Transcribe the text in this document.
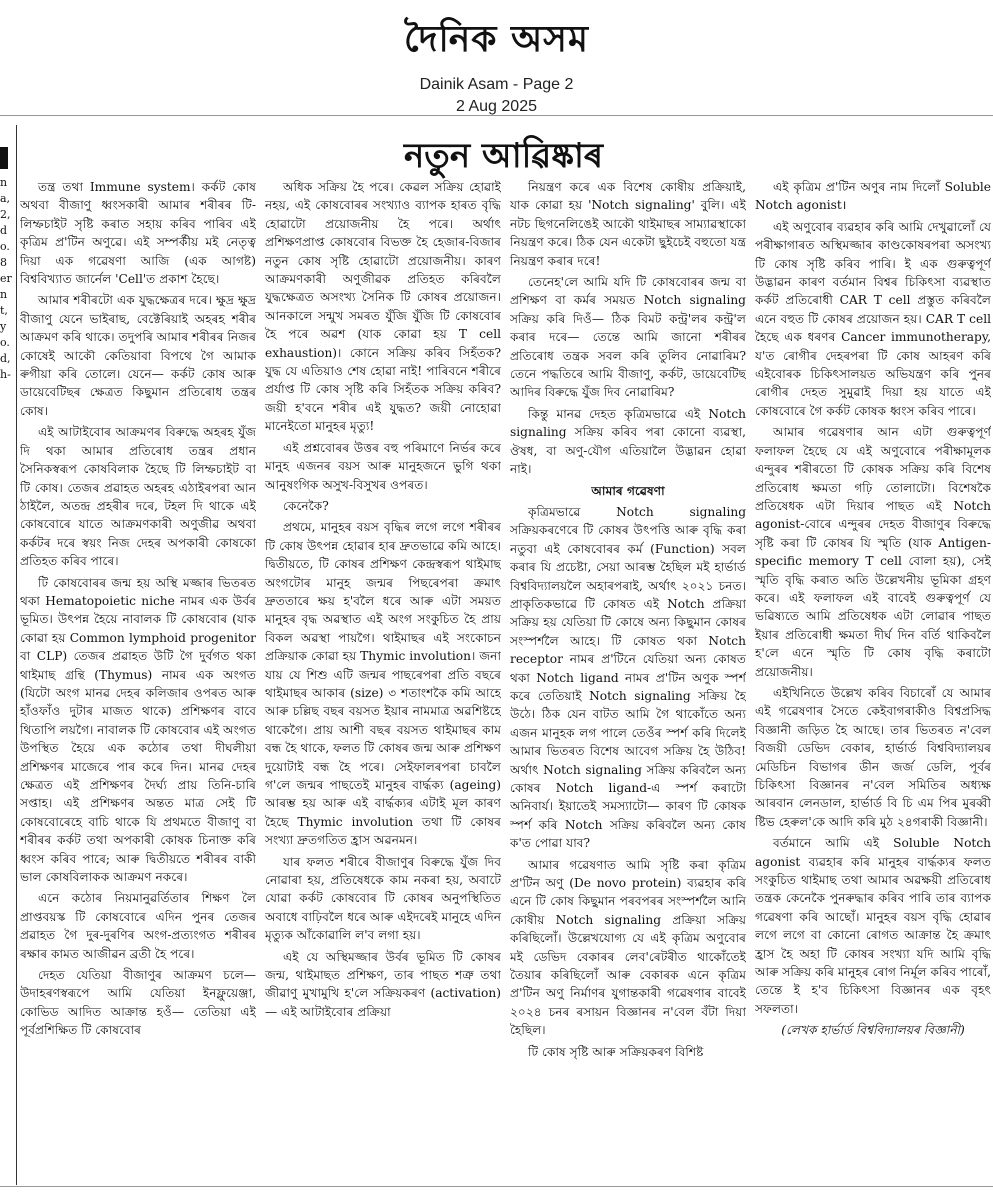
দৈনিক অসম
Dainik Asam - Page 2
2 Aug 2025
n
a,
2,
d
o.
8
er
n
t,
y
o.
d,
h-
নতুন আৱিষ্কাৰ

তন্ত্ৰ তথা Immune system। কৰ্কট কোষ অথবা বীজাণু ধ্বংসকাৰী আমাৰ শৰীৰৰ টি-লিম্ফচাইট সৃষ্টি কৰাত সহায় কৰিব পাৰিব এই কৃত্ৰিম প্ৰ'টিন অণুৱে। এই সম্পৰ্কীয় মই নেতৃত্ব দিয়া এক গৱেষণা আজি (এক আগষ্ট) বিশ্ববিখ্যাত জাৰ্নেল 'Cell'ত প্ৰকাশ হৈছে।

আমাৰ শৰীৰটো এক যুদ্ধক্ষেত্ৰৰ দৰে। ক্ষুদ্ৰ ক্ষুদ্ৰ বীজাণু যেনে ভাইৰাছ, বেক্টেৰিয়াই অহৰহ শৰীৰ আক্ৰমণ কৰি থাকে। তদুপৰি আমাৰ শৰীৰৰ নিজৰ কোষেই আকৌ কেতিয়াবা বিপথে গৈ আমাক ৰুগীয়া কৰি তোলে। যেনে— কৰ্কট কোষ আৰু ডায়েবেটিছৰ ক্ষেত্ৰত কিছুমান প্ৰতিৰোধ তন্ত্ৰৰ কোষ।

এই আটাইবোৰ আক্ৰমণৰ বিৰুদ্ধে অহৰহ যুঁজ দি থকা আমাৰ প্ৰতিৰোধ তন্ত্ৰৰ প্ৰধান সৈনিকস্বৰূপ কোষবিলাক হৈছে টি লিম্ফচাইট বা টি কোষ। তেজৰ প্ৰৱাহত অহৰহ এঠাইৰপৰা আন ঠাইলৈ, অতন্দ্ৰ প্ৰহৰীৰ দৰে, টহল দি থাকে এই কোষবোৰে যাতে আক্ৰমণকাৰী অণুজীৱ অথবা কৰ্কটৰ দৰে স্বয়ং নিজ দেহৰ অপকাৰী কোষকো প্ৰতিহত কৰিব পাৰে।

টি কোষবোৰৰ জন্ম হয় অস্থি মজ্জাৰ ভিতৰত থকা Hematopoietic niche নামৰ এক উৰ্বৰ ভূমিত। উৎপন্ন হৈয়ে নাবালক টি কোষবোৰ (যাক কোৱা হয় Common lymphoid progenitor বা CLP) তেজৰ প্ৰৱাহত উটি গৈ দুৰ্বগত থকা থাইমাছ গ্ৰন্থি (Thymus) নামৰ এক অংগত (যিটো অংগ মানৱ দেহৰ কলিজাৰ ওপৰত আৰু হাঁওফাঁও দুটাৰ মাজত থাকে) প্ৰশিক্ষণৰ বাবে থিতাপি লয়গৈ। নাবালক টি কোষবোৰ এই অংগত উপস্থিত হৈয়ে এক কঠোৰ তথা দীঘলীয়া প্ৰশিক্ষণৰ মাজেৰে পাৰ কৰে দিন। মানৱ দেহৰ ক্ষেত্ৰত এই প্ৰশিক্ষণৰ দৈৰ্ঘ্য প্ৰায় তিনি-চাৰি সপ্তাহ। এই প্ৰশিক্ষণৰ অন্তত মাত্ৰ সেই টি কোষবোৰেহে বাচি থাকে যি প্ৰথমতে বীজাণু বা শৰীৰৰ কৰ্কট তথা অপকাৰী কোষক চিনাক্ত কৰি ধ্বংস কৰিব পাৰে; আৰু দ্বিতীয়তে শৰীৰৰ বাকী ভাল কোষবিলাকক আক্ৰমণ নকৰে।

এনে কঠোৰ নিয়মানুৱৰ্তিতাৰ শিক্ষণ লৈ প্ৰাপ্তবয়স্ক টি কোষবোৰে এদিন পুনৰ তেজৰ প্ৰৱাহত গৈ দুৰ-দুৰণিৰ অংগ-প্ৰত্যংগত শৰীৰৰ ৰক্ষাৰ কামত আজীৱন ব্ৰতী হৈ পৰে।

দেহত যেতিয়া বীজাণুৰ আক্ৰমণ চলে— উদাহৰণস্বৰূপে আমি যেতিয়া ইনফ্লুয়েঞ্জা, কোভিড আদিত আক্ৰান্ত হওঁ— তেতিয়া এই পূৰ্বপ্ৰশিক্ষিত টি কোষবোৰ

অধিক সক্ৰিয় হৈ পৰে। কেৱল সক্ৰিয় হোৱাই নহয়, এই কোষবোৰৰ সংখ্যাও ব্যাপক হাৰত বৃদ্ধি হোৱাটো প্ৰয়োজনীয় হৈ পৰে। অৰ্থাৎ প্ৰশিক্ষণপ্ৰাপ্ত কোষবোৰ বিভক্ত হৈ হেজাৰ-বিজাৰ নতুন কোষ সৃষ্টি হোৱাটো প্ৰয়োজনীয়। কাৰণ আক্ৰমণকাৰী অণুজীৱক প্ৰতিহত কৰিবলৈ যুদ্ধক্ষেত্ৰত অসংখ্য সৈনিক টি কোষৰ প্ৰয়োজন। আনকালে সন্মুখ সমৰত যুঁজি যুঁজি টি কোষবোৰ হৈ পৰে অৱশ (যাক কোৱা হয় T cell exhaustion)। কোনে সক্ৰিয় কৰিব সিহঁতক? যুদ্ধ যে এতিয়াও শেষ হোৱা নাই! পাৰিবনে শৰীৰে প্ৰৰ্যাপ্ত টি কোষ সৃষ্টি কৰি সিহঁতক সক্ৰিয় কৰিব? জয়ী হ'বনে শৰীৰ এই যুদ্ধত? জয়ী নোহোৱা মানেইতো মানুহৰ মৃত্যু!

এই প্ৰশ্নবোৰৰ উত্তৰ বহু পৰিমাণে নিৰ্ভৰ কৰে মানুহ এজনৰ বয়স আৰু মানুহজনে ভুগি থকা আনুষংগিক অসুখ-বিসুখৰ ওপৰত।

কেনেকৈ?

প্ৰথমে, মানুহৰ বয়স বৃদ্ধিৰ লগে লগে শৰীৰৰ টি কোষ উৎপন্ন হোৱাৰ হাৰ দ্ৰুতভাৱে কমি আহে। দ্বিতীয়তে, টি কোষৰ প্ৰশিক্ষণ কেন্দ্ৰস্বৰূপ থাইমাছ অংগটোৰ মানুহ জন্মৰ পিছৰেপৰা ক্ৰমাৎ দ্ৰুততাৰে ক্ষয় হ'বলৈ ধৰে আৰু এটা সময়ত মানুহৰ বৃদ্ধ অৱস্থাত এই অংগ সংকুচিত হৈ প্ৰায় বিকল অৱস্থা পায়গৈ। থাইমাছৰ এই সংকোচন প্ৰক্ৰিয়াক কোৱা হয় Thymic involution। জনা যায় যে শিশু এটি জন্মৰ পাছৰেপৰা প্ৰতি বছৰে থাইমাছৰ আকাৰ (size) ৩ শতাংশকৈ কমি আহে আৰু চল্লিছ বছৰ বয়সত ইয়াৰ নামমাত্ৰ অৱশিষ্টহে থাকেগৈ। প্ৰায় আশী বছৰ বয়সত থাইমাছৰ কাম বন্ধ হৈ থাকে, ফলত টি কোষৰ জন্ম আৰু প্ৰশিক্ষণ দুয়োটাই বন্ধ হৈ পৰে। সেইফালৰপৰা চাবলৈ গ'লে জন্মৰ পাছতেই মানুহৰ বাৰ্দ্ধক্য (ageing) আৰম্ভ হয় আৰু এই বাৰ্দ্ধক্যৰ এটাই মূল কাৰণ হৈছে Thymic involution তথা টি কোষৰ সংখ্যা দ্ৰুতগতিত হ্ৰাস অৱনমন।

যাৰ ফলত শৰীৰে বীজাণুৰ বিৰুদ্ধে যুঁজ দিব নোৱাৰা হয়, প্ৰতিষেধকে কাম নকৰা হয়, অবাটে যোৱা কৰ্কট কোষবোৰ টি কোষৰ অনুপস্থিতিত অবাধে বাঢ়িবলৈ ধৰে আৰু এইদৰেই মানুহে এদিন মৃত্যুক আঁকোৱালি ল'ব লগা হয়।

এই যে অস্থিমজ্জাৰ উৰ্বৰ ভূমিত টি কোষৰ জন্ম, থাইমাছত প্ৰশিক্ষণ, তাৰ পাছত শত্ৰু তথা জীৱাণু মুখামুখি হ'লে সক্ৰিয়কৰণ (activation)— এই আটাইবোৰ প্ৰক্ৰিয়া

নিয়ন্ত্ৰণ কৰে এক বিশেষ কোষীয় প্ৰক্ৰিয়াই, যাক কোৱা হয় 'Notch signaling' বুলি। এই নটচ ছিগনেলিঙেই আকৌ থাইমাছৰ সাম্যাৱস্থাকো নিয়ন্ত্ৰণ কৰে। ঠিক যেন একেটা ছুইচেই বহুতো যন্ত্ৰ নিয়ন্ত্ৰণ কৰাৰ দৰে!

তেনেহ'লে আমি যদি টি কোষবোৰৰ জন্ম বা প্ৰশিক্ষণ বা কৰ্মৰ সময়ত Notch signaling সক্ৰিয় কৰি দিওঁ— ঠিক বিমট কন্ট্ৰ'লৰ কন্ট্ৰ'ল কৰাৰ দৰে— তেন্তে আমি জানো শৰীৰৰ প্ৰতিৰোধ তন্ত্ৰক সবল কৰি তুলিব নোৱাৰিম? তেনে পদ্ধতিৰে আমি বীজাণু, কৰ্কট, ডায়েবেটিছ আদিৰ বিৰুদ্ধে যুঁজ দিব নোৱাৰিম?

কিন্তু মানৱ দেহত কৃত্ৰিমভাৱে এই Notch signaling সক্ৰিয় কৰিব পৰা কোনো ব্যৱস্থা, ঔষধ, বা অণু-যৌগ এতিয়ালৈ উদ্ভাৱন হোৱা নাই।

আমাৰ গৱেষণা

কৃত্ৰিমভাৱে Notch signaling সক্ৰিয়কৰণেৰে টি কোষৰ উৎপত্তি আৰু বৃদ্ধি কৰা নতুবা এই কোষবোৰৰ কৰ্ম (Function) সবল কৰাৰ যি প্ৰচেষ্টা, সেয়া আৰম্ভ হৈছিল মই হাৰ্ভাৰ্ড বিশ্ববিদ্যালয়লৈ অহাৰপৰাই, অৰ্থাৎ ২০২১ চনত। প্ৰাকৃতিকভাৱে টি কোষত এই Notch প্ৰক্ৰিয়া সক্ৰিয় হয় যেতিয়া টি কোষে অন্য কিছুমান কোষৰ সংস্পৰ্শলৈ আহে। টি কোষত থকা Notch receptor নামৰ প্ৰ'টিনে যেতিয়া অন্য কোষত থকা Notch ligand নামৰ প্ৰ'টিন অণুক স্পৰ্শ কৰে তেতিয়াই Notch signaling সক্ৰিয় হৈ উঠে। ঠিক যেন বাটত আমি গৈ থাকোঁতে অন্য এজন মানুহক লগ পালে তেওঁৰ স্পৰ্শ কৰি দিলেই আমাৰ ভিতৰত বিশেষ আবেগ সক্ৰিয় হৈ উঠিব! অৰ্থাৎ Notch signaling সক্ৰিয় কৰিবলৈ অন্য কোষৰ Notch ligand-এ স্পৰ্শ কৰাটো অনিবাৰ্য। ইয়াতেই সমস্যাটো— কাৰণ টি কোষক স্পৰ্শ কৰি Notch সক্ৰিয় কৰিবলৈ অন্য কোষ ক'ত পোৱা যাব?

আমাৰ গৱেষণাত আমি সৃষ্টি কৰা কৃত্ৰিম প্ৰ'টিন অণু (De novo protein) ব্যৱহাৰ কৰি এনে টি কোষ কিছুমান পৰবপৰৰ সংস্পৰ্শলৈ আনি কোষীয় Notch signaling প্ৰক্ৰিয়া সক্ৰিয় কৰিছিলোঁ। উল্লেখযোগ্য যে এই কৃত্ৰিম অণুবোৰ মই ডেভিদ বেকাৰৰ লেব'ৰেটৰীত থাকোঁতেই তৈয়াৰ কৰিছিলোঁ আৰু বেকাৰক এনে কৃত্ৰিম প্ৰ'টিন অণু নিৰ্মাণৰ যুগান্তকাৰী গৱেষণাৰ বাবেই ২০২৪ চনৰ ৰসায়ন বিজ্ঞানৰ ন'বেল বঁটা দিয়া হৈছিল।

টি কোষ সৃষ্টি আৰু সক্ৰিয়কৰণ বিশিষ্ট

এই কৃত্ৰিম প্ৰ'টিন অণুৰ নাম দিলোঁ Soluble Notch agonist।

এই অণুবোৰ ব্যৱহাৰ কৰি আমি দেখুৱালোঁ যে পৰীক্ষাগাৰত অস্থিমজ্জাৰ কাণ্ডকোষৰপৰা অসংখ্য টি কোষ সৃষ্টি কৰিব পাৰি। ই এক গুৰুত্বপূৰ্ণ উদ্ভাৱন কাৰণ বৰ্তমান বিশ্বৰ চিকিৎসা ব্যৱস্থাত কৰ্কট প্ৰতিৰোধী CAR T cell প্ৰস্তুত কৰিবলৈ এনে বহুত টি কোষৰ প্ৰয়োজন হয়। CAR T cell হৈছে এক ধৰণৰ Cancer immunotherapy, য'ত ৰোগীৰ দেহৰপৰা টি কোষ আহৰণ কৰি এইবোৰক চিকিৎসালয়ত অভিযন্ত্ৰণ কৰি পুনৰ ৰোগীৰ দেহত সুমুৱাই দিয়া হয় যাতে এই কোষবোৰে গৈ কৰ্কট কোষক ধ্বংস কৰিব পাৰে।

আমাৰ গৱেষণাৰ আন এটা গুৰুত্বপূৰ্ণ ফলাফল হৈছে যে এই অণুবোৰে পৰীক্ষামূলক এন্দুৰৰ শৰীৰতো টি কোষক সক্ৰিয় কৰি বিশেষ প্ৰতিৰোধ ক্ষমতা গঢ়ি তোলাটো। বিশেষকৈ প্ৰতিষেধক এটা দিয়াৰ পাছত এই Notch agonist-বোৰে এন্দুৰৰ দেহত বীজাণুৰ বিৰুদ্ধে সৃষ্টি কৰা টি কোষৰ যি স্মৃতি (যাক Antigen-specific memory T cell বোলা হয়), সেই স্মৃতি বৃদ্ধি কৰাত অতি উল্লেখনীয় ভূমিকা গ্ৰহণ কৰে। এই ফলাফল এই বাবেই গুৰুত্বপূৰ্ণ যে ভৱিষ্যতে আমি প্ৰতিষেধক এটা লোৱাৰ পাছত ইয়াৰ প্ৰতিৰোধী ক্ষমতা দীৰ্ঘ দিন বৰ্তি থাকিবলৈ হ'লে এনে স্মৃতি টি কোষ বৃদ্ধি কৰাটো প্ৰয়োজনীয়।

এইখিনিতে উল্লেখ কৰিব বিচাৰোঁ যে আমাৰ এই গৱেষণাৰ সৈতে কেইবাগৰাকীও বিশ্বপ্ৰসিদ্ধ বিজ্ঞানী জড়িত হৈ আছে। তাৰ ভিতৰত ন'বেল বিজয়ী ডেভিদ বেকাৰ, হাৰ্ভাৰ্ড বিশ্ববিদ্যালয়ৰ মেডিচিন বিভাগৰ ডীন জৰ্জ ডেলি, পূৰ্বৰ চিকিৎসা বিজ্ঞানৰ ন'বেল সমিতিৰ অধ্যক্ষ আৰবান লেনডাল, হাৰ্ভাৰ্ড বি চি এম পিৰ মুৰব্বী ষ্টিভ হেৰুল'কে আদি কৰি মুঠ ২৪গৰাকী বিজ্ঞানী।

বৰ্তমানে আমি এই Soluble Notch agonist ব্যৱহাৰ কৰি মানুহৰ বাৰ্দ্ধক্যৰ ফলত সংকুচিত থাইমাছ তথা আমাৰ অৱক্ষয়ী প্ৰতিৰোধ তন্ত্ৰক কেনেকৈ পুনৰুদ্ধাৰ কৰিব পাৰি তাৰ ব্যাপক গৱেষণা কৰি আছোঁ। মানুহৰ বয়স বৃদ্ধি হোৱাৰ লগে লগে বা কোনো ৰোগত আক্ৰান্ত হৈ ক্ৰমাৎ হ্ৰাস হৈ অহা টি কোষৰ সংখ্যা যদি আমি বৃদ্ধি আৰু সক্ৰিয় কৰি মানুহৰ ৰোগ নিৰ্মূল কৰিব পাৰোঁ, তেন্তে ই হ'ব চিকিৎসা বিজ্ঞানৰ এক বৃহৎ সফলতা।

(লেখক হাৰ্ভাৰ্ড বিশ্ববিদ্যালয়ৰ বিজ্ঞানী)
